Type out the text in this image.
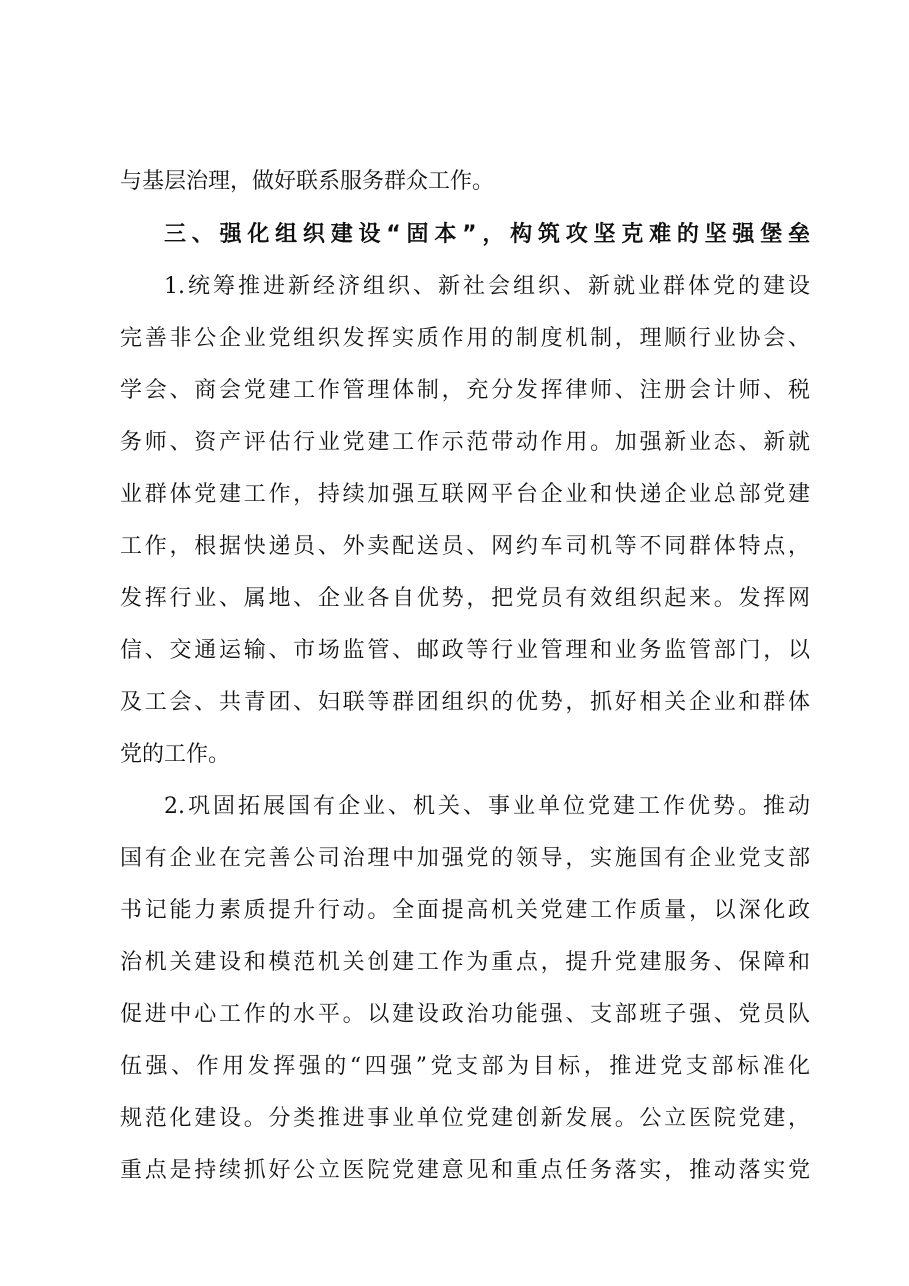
与基层治理，做好联系服务群众工作。
三、强化组织建设“固本”，构筑攻坚克难的坚强堡垒
1.统筹推进新经济组织、新社会组织、新就业群体党的建设
完善非公企业党组织发挥实质作用的制度机制，理顺行业协会、
学会、商会党建工作管理体制，充分发挥律师、注册会计师、税
务师、资产评估行业党建工作示范带动作用。加强新业态、新就
业群体党建工作，持续加强互联网平台企业和快递企业总部党建
工作，根据快递员、外卖配送员、网约车司机等不同群体特点，
发挥行业、属地、企业各自优势，把党员有效组织起来。发挥网
信、交通运输、市场监管、邮政等行业管理和业务监管部门，以
及工会、共青团、妇联等群团组织的优势，抓好相关企业和群体
党的工作。
2.巩固拓展国有企业、机关、事业单位党建工作优势。推动
国有企业在完善公司治理中加强党的领导，实施国有企业党支部
书记能力素质提升行动。全面提高机关党建工作质量，以深化政
治机关建设和模范机关创建工作为重点，提升党建服务、保障和
促进中心工作的水平。以建设政治功能强、支部班子强、党员队
伍强、作用发挥强的“四强”党支部为目标，推进党支部标准化
规范化建设。分类推进事业单位党建创新发展。公立医院党建，
重点是持续抓好公立医院党建意见和重点任务落实，推动落实党
